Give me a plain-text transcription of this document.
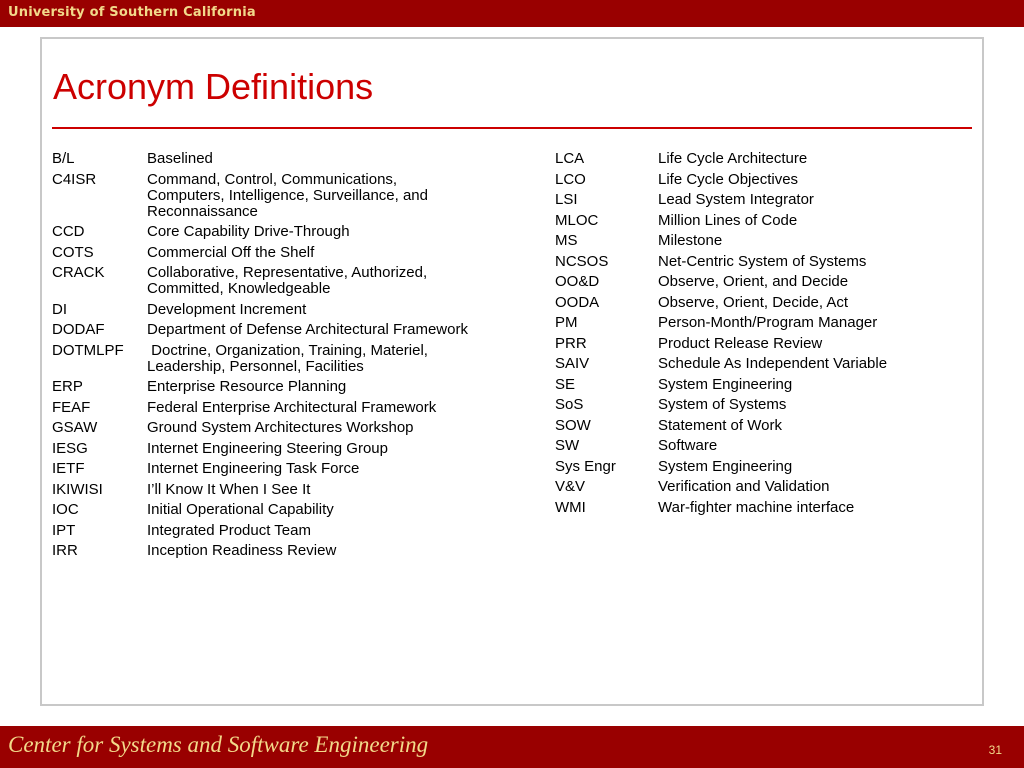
University of Southern California
Acronym Definitions
B/L	Baselined
C4ISR	Command, Control, Communications, Computers, Intelligence, Surveillance, and Reconnaissance
CCD	Core Capability Drive-Through
COTS	Commercial Off the Shelf
CRACK	Collaborative, Representative, Authorized, Committed, Knowledgeable
DI	Development Increment
DODAF	Department of Defense Architectural Framework
DOTMLPF	Doctrine, Organization, Training, Materiel, Leadership, Personnel, Facilities
ERP	Enterprise Resource Planning
FEAF	Federal Enterprise Architectural Framework
GSAW	Ground System Architectures Workshop
IESG	Internet Engineering Steering Group
IETF	Internet Engineering Task Force
IKIWISI	I’ll Know It When I See It
IOC	Initial Operational Capability
IPT	Integrated Product Team
IRR	Inception Readiness Review
LCA	Life Cycle Architecture
LCO	Life Cycle Objectives
LSI	Lead System Integrator
MLOC	Million Lines of Code
MS	Milestone
NCSOS	Net-Centric System of Systems
OO&D	Observe, Orient, and Decide
OODA	Observe, Orient, Decide, Act
PM	Person-Month/Program Manager
PRR	Product Release Review
SAIV	Schedule As Independent Variable
SE	System Engineering
SoS	System of Systems
SOW	Statement of Work
SW	Software
Sys Engr	System Engineering
V&V	Verification and Validation
WMI	War-fighter machine interface
Center for Systems and Software Engineering	31
